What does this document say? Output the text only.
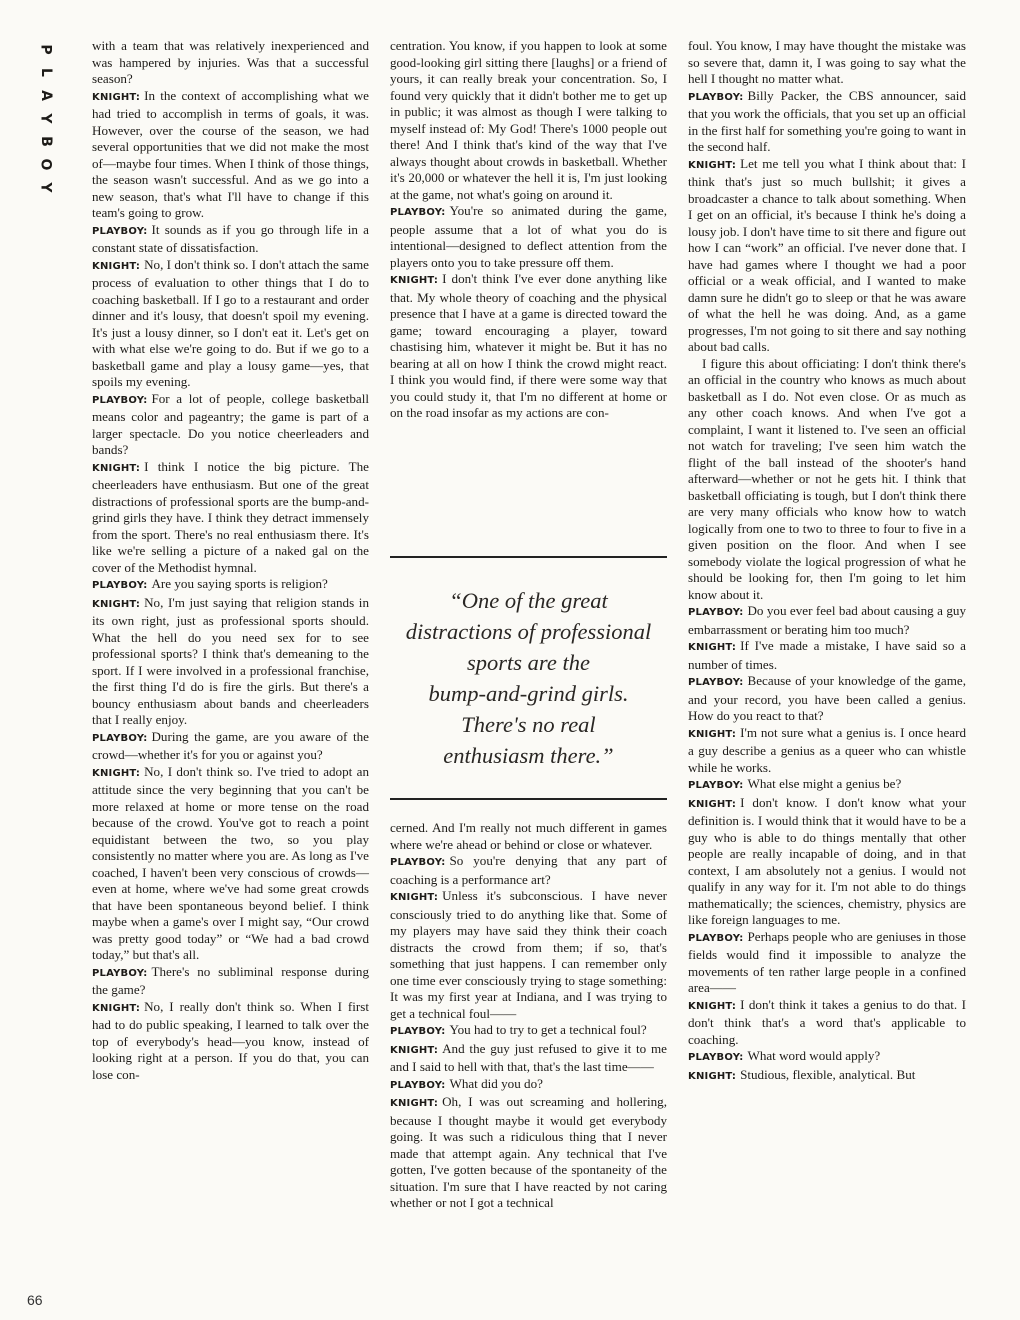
P
L
A
Y
B
O
Y

with a team that was relatively inexperienced and was hampered by injuries. Was that a successful season?

KNIGHT: In the context of accomplishing what we had tried to accomplish in terms of goals, it was. However, over the course of the season, we had several opportunities that we did not make the most of—maybe four times. When I think of those things, the season wasn't successful. And as we go into a new season, that's what I'll have to change if this team's going to grow.

PLAYBOY: It sounds as if you go through life in a constant state of dissatisfaction.

KNIGHT: No, I don't think so. I don't attach the same process of evaluation to other things that I do to coaching basketball. If I go to a restaurant and order dinner and it's lousy, that doesn't spoil my evening. It's just a lousy dinner, so I don't eat it. Let's get on with what else we're going to do. But if we go to a basketball game and play a lousy game—yes, that spoils my evening.

PLAYBOY: For a lot of people, college basketball means color and pageantry; the game is part of a larger spectacle. Do you notice cheerleaders and bands?

KNIGHT: I think I notice the big picture. The cheerleaders have enthusiasm. But one of the great distractions of professional sports are the bump-and-grind girls they have. I think they detract immensely from the sport. There's no real enthusiasm there. It's like we're selling a picture of a naked gal on the cover of the Methodist hymnal.

PLAYBOY: Are you saying sports is religion?

KNIGHT: No, I'm just saying that religion stands in its own right, just as professional sports should. What the hell do you need sex for to see professional sports? I think that's demeaning to the sport. If I were involved in a professional franchise, the first thing I'd do is fire the girls. But there's a bouncy enthusiasm about bands and cheerleaders that I really enjoy.

PLAYBOY: During the game, are you aware of the crowd—whether it's for you or against you?

KNIGHT: No, I don't think so. I've tried to adopt an attitude since the very beginning that you can't be more relaxed at home or more tense on the road because of the crowd. You've got to reach a point equidistant between the two, so you play consistently no matter where you are. As long as I've coached, I haven't been very conscious of crowds—even at home, where we've had some great crowds that have been spontaneous beyond belief. I think maybe when a game's over I might say, “Our crowd was pretty good today” or “We had a bad crowd today,” but that's all.

PLAYBOY: There's no subliminal response during the game?

KNIGHT: No, I really don't think so. When I first had to do public speaking, I learned to talk over the top of everybody's head—you know, instead of looking right at a person. If you do that, you can lose con-

centration. You know, if you happen to look at some good-looking girl sitting there [laughs] or a friend of yours, it can really break your concentration. So, I found very quickly that it didn't bother me to get up in public; it was almost as though I were talking to myself instead of: My God! There's 1000 people out there! And I think that's kind of the way that I've always thought about crowds in basketball. Whether it's 20,000 or whatever the hell it is, I'm just looking at the game, not what's going on around it.

PLAYBOY: You're so animated during the game, people assume that a lot of what you do is intentional—designed to deflect attention from the players onto you to take pressure off them.

KNIGHT: I don't think I've ever done anything like that. My whole theory of coaching and the physical presence that I have at a game is directed toward the game; toward encouraging a player, toward chastising him, whatever it might be. But it has no bearing at all on how I think the crowd might react. I think you would find, if there were some way that you could study it, that I'm no different at home or on the road insofar as my actions are con-

“One of the great
distractions of professional
sports are the
bump-and-grind girls.
There's no real
enthusiasm there.”

cerned. And I'm really not much different in games where we're ahead or behind or close or whatever.

PLAYBOY: So you're denying that any part of coaching is a performance art?

KNIGHT: Unless it's subconscious. I have never consciously tried to do anything like that. Some of my players may have said they think their coach distracts the crowd from them; if so, that's something that just happens. I can remember only one time ever consciously trying to stage something: It was my first year at Indiana, and I was trying to get a technical foul——

PLAYBOY: You had to try to get a technical foul?

KNIGHT: And the guy just refused to give it to me and I said to hell with that, that's the last time——

PLAYBOY: What did you do?

KNIGHT: Oh, I was out screaming and hollering, because I thought maybe it would get everybody going. It was such a ridiculous thing that I never made that attempt again. Any technical that I've gotten, I've gotten because of the spontaneity of the situation. I'm sure that I have reacted by not caring whether or not I got a technical

foul. You know, I may have thought the mistake was so severe that, damn it, I was going to say what the hell I thought no matter what.

PLAYBOY: Billy Packer, the CBS announcer, said that you work the officials, that you set up an official in the first half for something you're going to want in the second half.

KNIGHT: Let me tell you what I think about that: I think that's just so much bullshit; it gives a broadcaster a chance to talk about something. When I get on an official, it's because I think he's doing a lousy job. I don't have time to sit there and figure out how I can “work” an official. I've never done that. I have had games where I thought we had a poor official or a weak official, and I wanted to make damn sure he didn't go to sleep or that he was aware of what the hell he was doing. And, as a game progresses, I'm not going to sit there and say nothing about bad calls.

I figure this about officiating: I don't think there's an official in the country who knows as much about basketball as I do. Not even close. Or as much as any other coach knows. And when I've got a complaint, I want it listened to. I've seen an official not watch for traveling; I've seen him watch the flight of the ball instead of the shooter's hand afterward—whether or not he gets hit. I think that basketball officiating is tough, but I don't think there are very many officials who know how to watch logically from one to two to three to four to five in a given position on the floor. And when I see somebody violate the logical progression of what he should be looking for, then I'm going to let him know about it.

PLAYBOY: Do you ever feel bad about causing a guy embarrassment or berating him too much?

KNIGHT: If I've made a mistake, I have said so a number of times.

PLAYBOY: Because of your knowledge of the game, and your record, you have been called a genius. How do you react to that?

KNIGHT: I'm not sure what a genius is. I once heard a guy describe a genius as a queer who can whistle while he works.

PLAYBOY: What else might a genius be?

KNIGHT: I don't know. I don't know what your definition is. I would think that it would have to be a guy who is able to do things mentally that other people are really incapable of doing, and in that context, I am absolutely not a genius. I would not qualify in any way for it. I'm not able to do things mathematically; the sciences, chemistry, physics are like foreign languages to me.

PLAYBOY: Perhaps people who are geniuses in those fields would find it impossible to analyze the movements of ten rather large people in a confined area——

KNIGHT: I don't think it takes a genius to do that. I don't think that's a word that's applicable to coaching.

PLAYBOY: What word would apply?

KNIGHT: Studious, flexible, analytical. But

66
